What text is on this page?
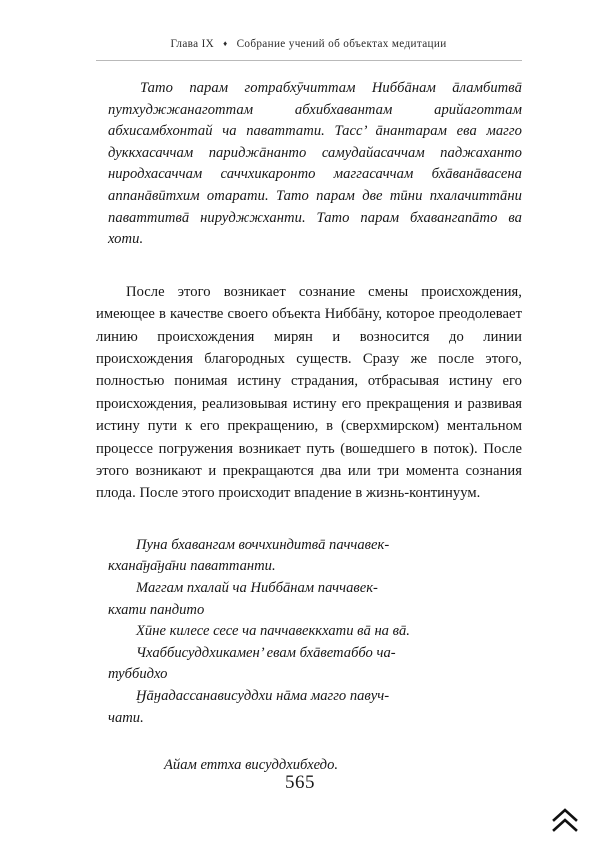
Глава IX ♦ Собрание учений об объектах медитации

Тато парам готрабхӯчиттам Ниббāнам āламбитвā путхуджжанаготтам абхибхавантам арийаготтам абхисамбхонтай ча паваттати. Тасс’ āнантарам ева магго дуккхасаччам париджāнанто самудайасаччам паджаханто ниродхасаччам саччхикаронто маггасаччам бхāванāвасена аппанāвӣтхим отарати. Тато парам две тӣни пхалачиттāни паваттитвā нируджжханти. Тато парам бхавангапāто ва хоти.

После этого возникает сознание смены происхождения, имеющее в качестве своего объекта Ниббāну, которое преодолевает линию происхождения мирян и возносится до линии происхождения благородных существ. Сразу же после этого, полностью понимая истину страдания, отбрасывая истину его происхождения, реализовывая истину его прекращения и развивая истину пути к его прекращению, в (сверхмирском) ментальном процессе погружения возникает путь (вошедшего в поток). После этого возникают и прекращаются два или три момента сознания плода. После этого происходит впадение в жизнь-континуум.

Пуна бхавангам воччхиндитвā паччавек-
кхана̄ӈа̄ӈа̄ни паваттанти.
Маггам пхалай ча Ниббāнам паччавек-
кхати пандито
Хӣне килесе сесе ча паччавеккхати вā на вā.
Чхаббисуддхикамен’ евам бхāветаббо ча-
туббидхо
Ӈāӈадассанависуддхи нāма магго павуч-
чати.

Айам еттха висуддхибхедо.

565
